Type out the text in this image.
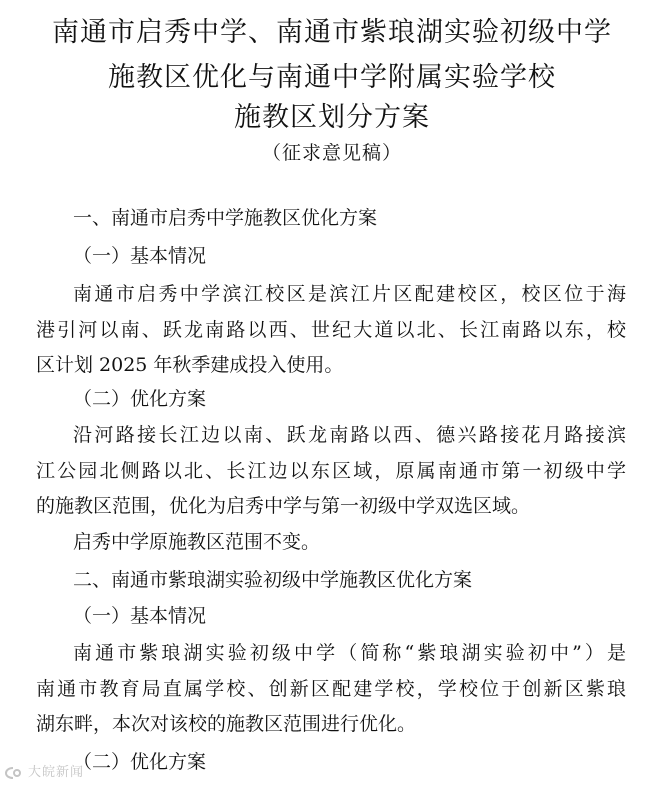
南通市启秀中学、南通市紫琅湖实验初级中学
施教区优化与南通中学附属实验学校
施教区划分方案
（征求意见稿）
一、南通市启秀中学施教区优化方案
（一）基本情况
南通市启秀中学滨江校区是滨江片区配建校区，校区位于海
港引河以南、跃龙南路以西、世纪大道以北、长江南路以东，校
区计划 2025 年秋季建成投入使用。
（二）优化方案
沿河路接长江边以南、跃龙南路以西、德兴路接花月路接滨
江公园北侧路以北、长江边以东区域，原属南通市第一初级中学
的施教区范围，优化为启秀中学与第一初级中学双选区域。
启秀中学原施教区范围不变。
二、南通市紫琅湖实验初级中学施教区优化方案
（一）基本情况
南通市紫琅湖实验初级中学（简称“紫琅湖实验初中”）是
南通市教育局直属学校、创新区配建学校，学校位于创新区紫琅
湖东畔，本次对该校的施教区范围进行优化。
（二）优化方案
大皖新闻
